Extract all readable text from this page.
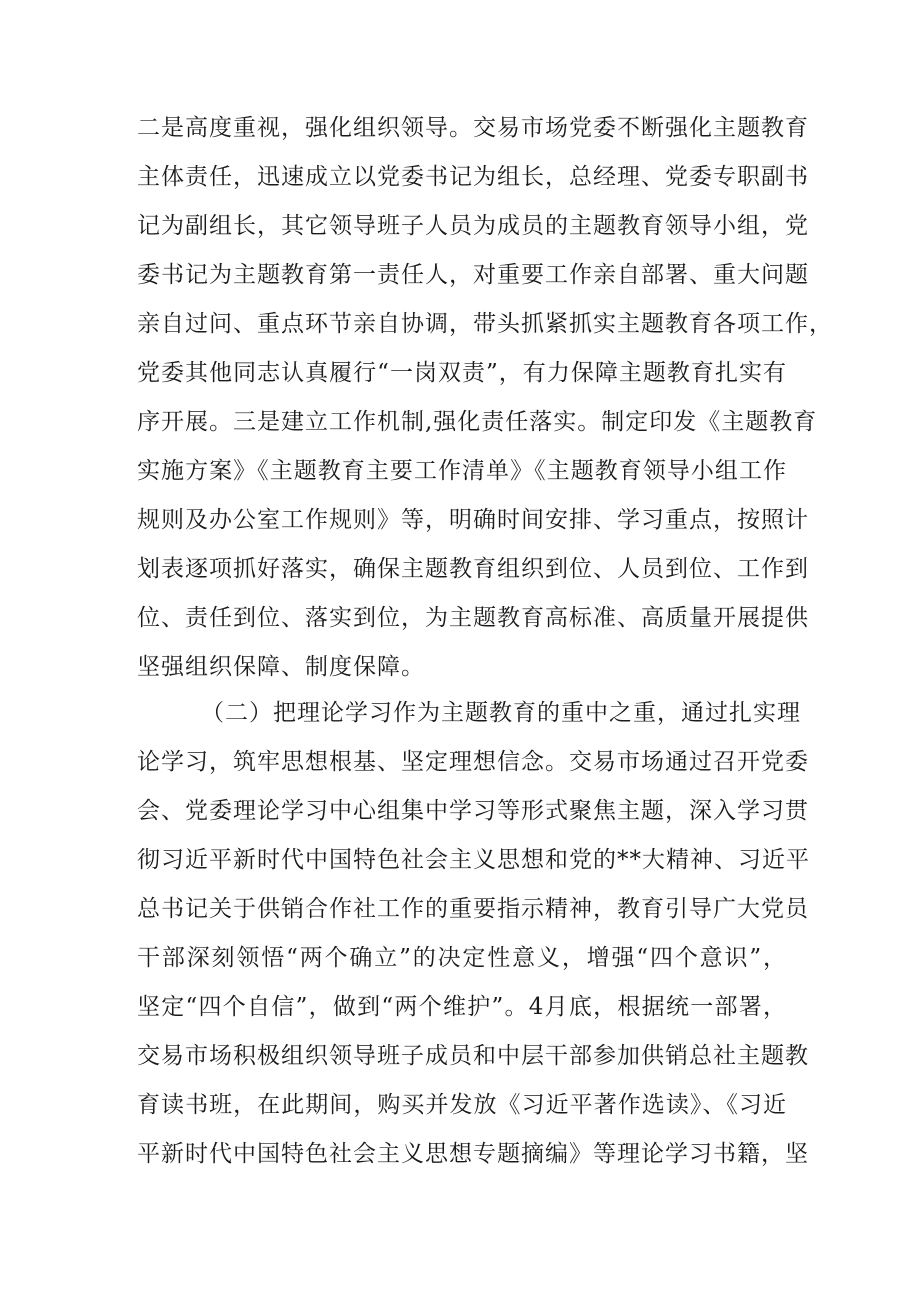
二是高度重视，强化组织领导。交易市场党委不断强化主题教育
主体责任，迅速成立以党委书记为组长，总经理、党委专职副书
记为副组长，其它领导班子人员为成员的主题教育领导小组，党
委书记为主题教育第一责任人，对重要工作亲自部署、重大问题
亲自过问、重点环节亲自协调，带头抓紧抓实主题教育各项工作，
党委其他同志认真履行“一岗双责”，有力保障主题教育扎实有
序开展。三是建立工作机制,强化责任落实。制定印发《主题教育
实施方案》《主题教育主要工作清单》《主题教育领导小组工作
规则及办公室工作规则》等，明确时间安排、学习重点，按照计
划表逐项抓好落实，确保主题教育组织到位、人员到位、工作到
位、责任到位、落实到位，为主题教育高标准、高质量开展提供
坚强组织保障、制度保障。
（二）把理论学习作为主题教育的重中之重，通过扎实理
论学习，筑牢思想根基、坚定理想信念。交易市场通过召开党委
会、党委理论学习中心组集中学习等形式聚焦主题，深入学习贯
彻习近平新时代中国特色社会主义思想和党的**大精神、习近平
总书记关于供销合作社工作的重要指示精神，教育引导广大党员
干部深刻领悟“两个确立”的决定性意义，增强“四个意识”，
坚定“四个自信”，做到“两个维护”。4月底，根据统一部署，
交易市场积极组织领导班子成员和中层干部参加供销总社主题教
育读书班，在此期间，购买并发放《习近平著作选读》、《习近
平新时代中国特色社会主义思想专题摘编》等理论学习书籍，坚
